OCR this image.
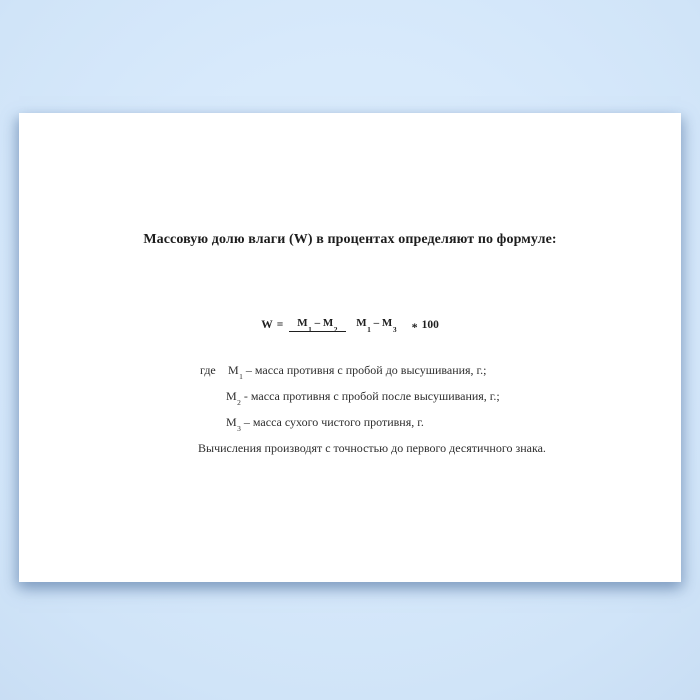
Массовую долю влаги (W) в процентах определяют по формуле:
W =	$М_1 - М_2$ $М_1 - М_3$	* 100
где $М_1$ – масса противня с пробой до высушивания, г.;
$М_2$ - масса противня с пробой после высушивания, г.;
$М_3$ – масса сухого чистого противня, г.
Вычисления производят с точностью до первого десятичного знака.
